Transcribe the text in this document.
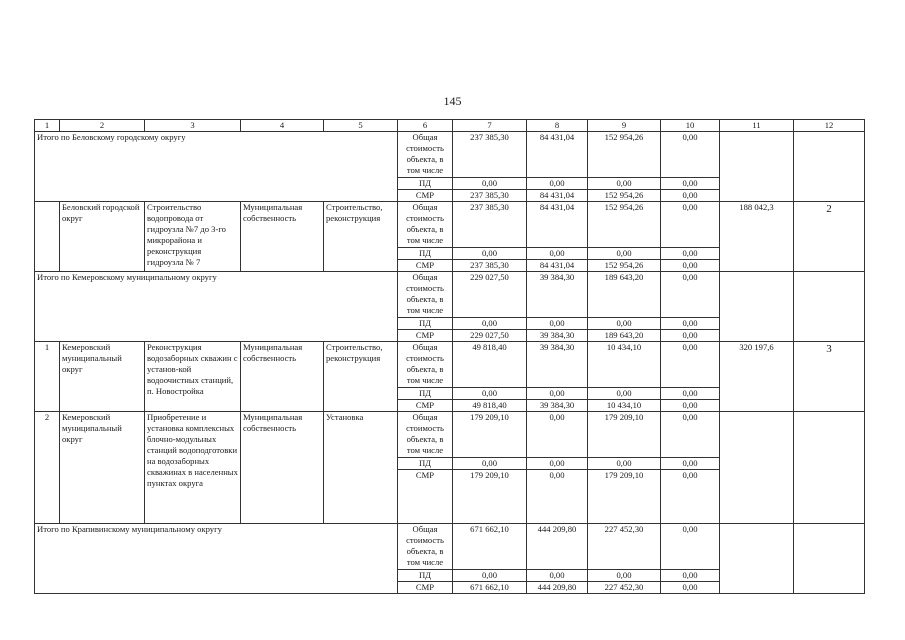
145
1	2	3	4	5	6	7	8	9	10	11	12
Итого по Беловскому городскому округу					Общая стоимость объекта, в том числе	237 385,30	84 431,04	152 954,26	0,00		
					ПД	0,00	0,00	0,00	0,00		
					СМР	237 385,30	84 431,04	152 954,26	0,00		
	Беловский городской округ	Строительство водопровода от гидроузла №7 до 3-го микрорайона и реконструкция гидроузла № 7	Муниципальная собственность	Строительство, реконструкция	Общая стоимость объекта, в том числе	237 385,30	84 431,04	152 954,26	0,00	188 042,3	2
					ПД	0,00	0,00	0,00	0,00		
					СМР	237 385,30	84 431,04	152 954,26	0,00		
Итого по Кемеровскому муниципальному округу					Общая стоимость объекта, в том числе	229 027,50	39 384,30	189 643,20	0,00		
					ПД	0,00	0,00	0,00	0,00		
					СМР	229 027,50	39 384,30	189 643,20	0,00		
1	Кемеровский муниципальный округ	Реконструкция водозаборных скважин с установ-кой водоочистных станций, п. Новостройка	Муниципальная собственность	Строительство, реконструкция	Общая стоимость объекта, в том числе	49 818,40	39 384,30	10 434,10	0,00	320 197,6	3
					ПД	0,00	0,00	0,00	0,00		
					СМР	49 818,40	39 384,30	10 434,10	0,00		
2	Кемеровский муниципальный округ	Приобретение и установка комплексных блочно-модульных станций водоподготовки на водозаборных скважинах в населенных пунктах округа	Муниципальная собственность	Установка	Общая стоимость объекта, в том числе	179 209,10	0,00	179 209,10	0,00		
					ПД	0,00	0,00	0,00	0,00		
					СМР	179 209,10	0,00	179 209,10	0,00		
Итого по Крапивинскому муниципальному округу					Общая стоимость объекта, в том числе	671 662,10	444 209,80	227 452,30	0,00		
					ПД	0,00	0,00	0,00	0,00		
					СМР	671 662,10	444 209,80	227 452,30	0,00		
